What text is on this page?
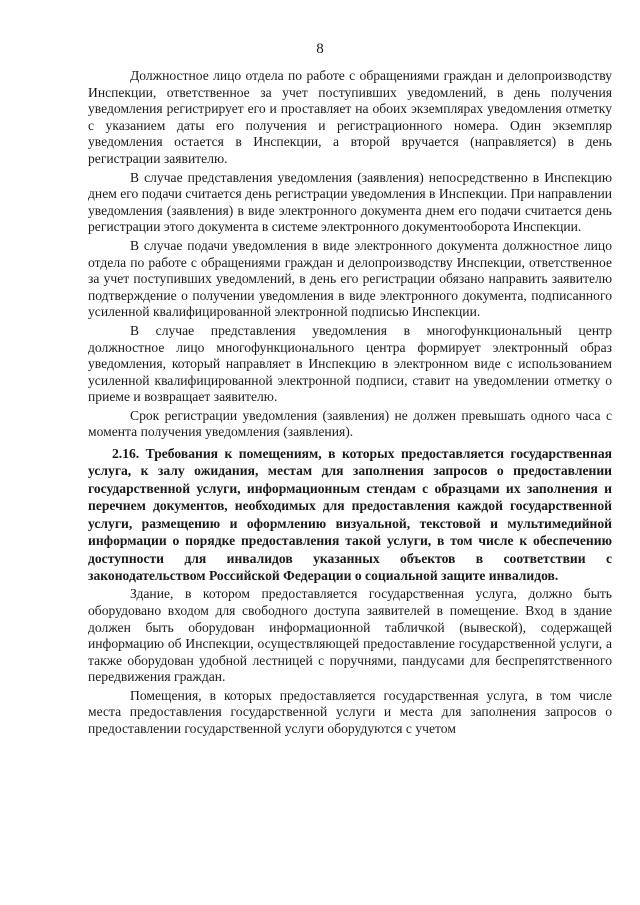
8

Должностное лицо отдела по работе с обращениями граждан и делопроизводству Инспекции, ответственное за учет поступивших уведомлений, в день получения уведомления регистрирует его и проставляет на обоих экземплярах уведомления отметку с указанием даты его получения и регистрационного номера. Один экземпляр уведомления остается в Инспекции, а второй вручается (направляется) в день регистрации заявителю.

В случае представления уведомления (заявления) непосредственно в Инспекцию днем его подачи считается день регистрации уведомления в Инспекции. При направлении уведомления (заявления) в виде электронного документа днем его подачи считается день регистрации этого документа в системе электронного документооборота Инспекции.

В случае подачи уведомления в виде электронного документа должностное лицо отдела по работе с обращениями граждан и делопроизводству Инспекции, ответственное за учет поступивших уведомлений, в день его регистрации обязано направить заявителю подтверждение о получении уведомления в виде электронного документа, подписанного усиленной квалифицированной электронной подписью Инспекции.

В случае представления уведомления в многофункциональный центр должностное лицо многофункционального центра формирует электронный образ уведомления, который направляет в Инспекцию в электронном виде с использованием усиленной квалифицированной электронной подписи, ставит на уведомлении отметку о приеме и возвращает заявителю.

Срок регистрации уведомления (заявления) не должен превышать одного часа с момента получения уведомления (заявления).

2.16. Требования к помещениям, в которых предоставляется государственная услуга, к залу ожидания, местам для заполнения запросов о предоставлении государственной услуги, информационным стендам с образцами их заполнения и перечнем документов, необходимых для предоставления каждой государственной услуги, размещению и оформлению визуальной, текстовой и мультимедийной информации о порядке предоставления такой услуги, в том числе к обеспечению доступности для инвалидов указанных объектов в соответствии с законодательством Российской Федерации о социальной защите инвалидов.

Здание, в котором предоставляется государственная услуга, должно быть оборудовано входом для свободного доступа заявителей в помещение. Вход в здание должен быть оборудован информационной табличкой (вывеской), содержащей информацию об Инспекции, осуществляющей предоставление государственной услуги, а также оборудован удобной лестницей с поручнями, пандусами для беспрепятственного передвижения граждан.

Помещения, в которых предоставляется государственная услуга, в том числе места предоставления государственной услуги и места для заполнения запросов о предоставлении государственной услуги оборудуются с учетом
